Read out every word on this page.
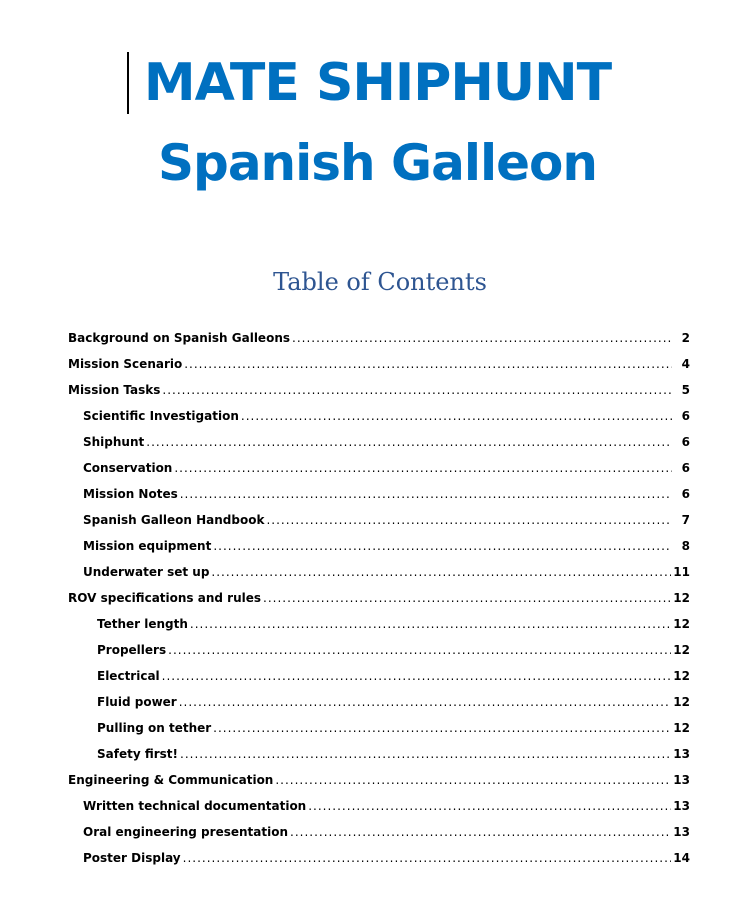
MATE SHIPHUNT
Spanish Galleon
Table of Contents
Background on Spanish Galleons .....	2
Mission Scenario .....	4
Mission Tasks .....	5
Scientific Investigation .....	6
Shiphunt .....	6
Conservation .....	6
Mission Notes .....	6
Spanish Galleon Handbook .....	7
Mission equipment .....	8
Underwater set up .....	11
ROV specifications and rules .....	12
Tether length .....	12
Propellers .....	12
Electrical .....	12
Fluid power .....	12
Pulling on tether .....	12
Safety first! .....	13
Engineering & Communication .....	13
Written technical documentation .....	13
Oral engineering presentation .....	13
Poster Display .....	14
